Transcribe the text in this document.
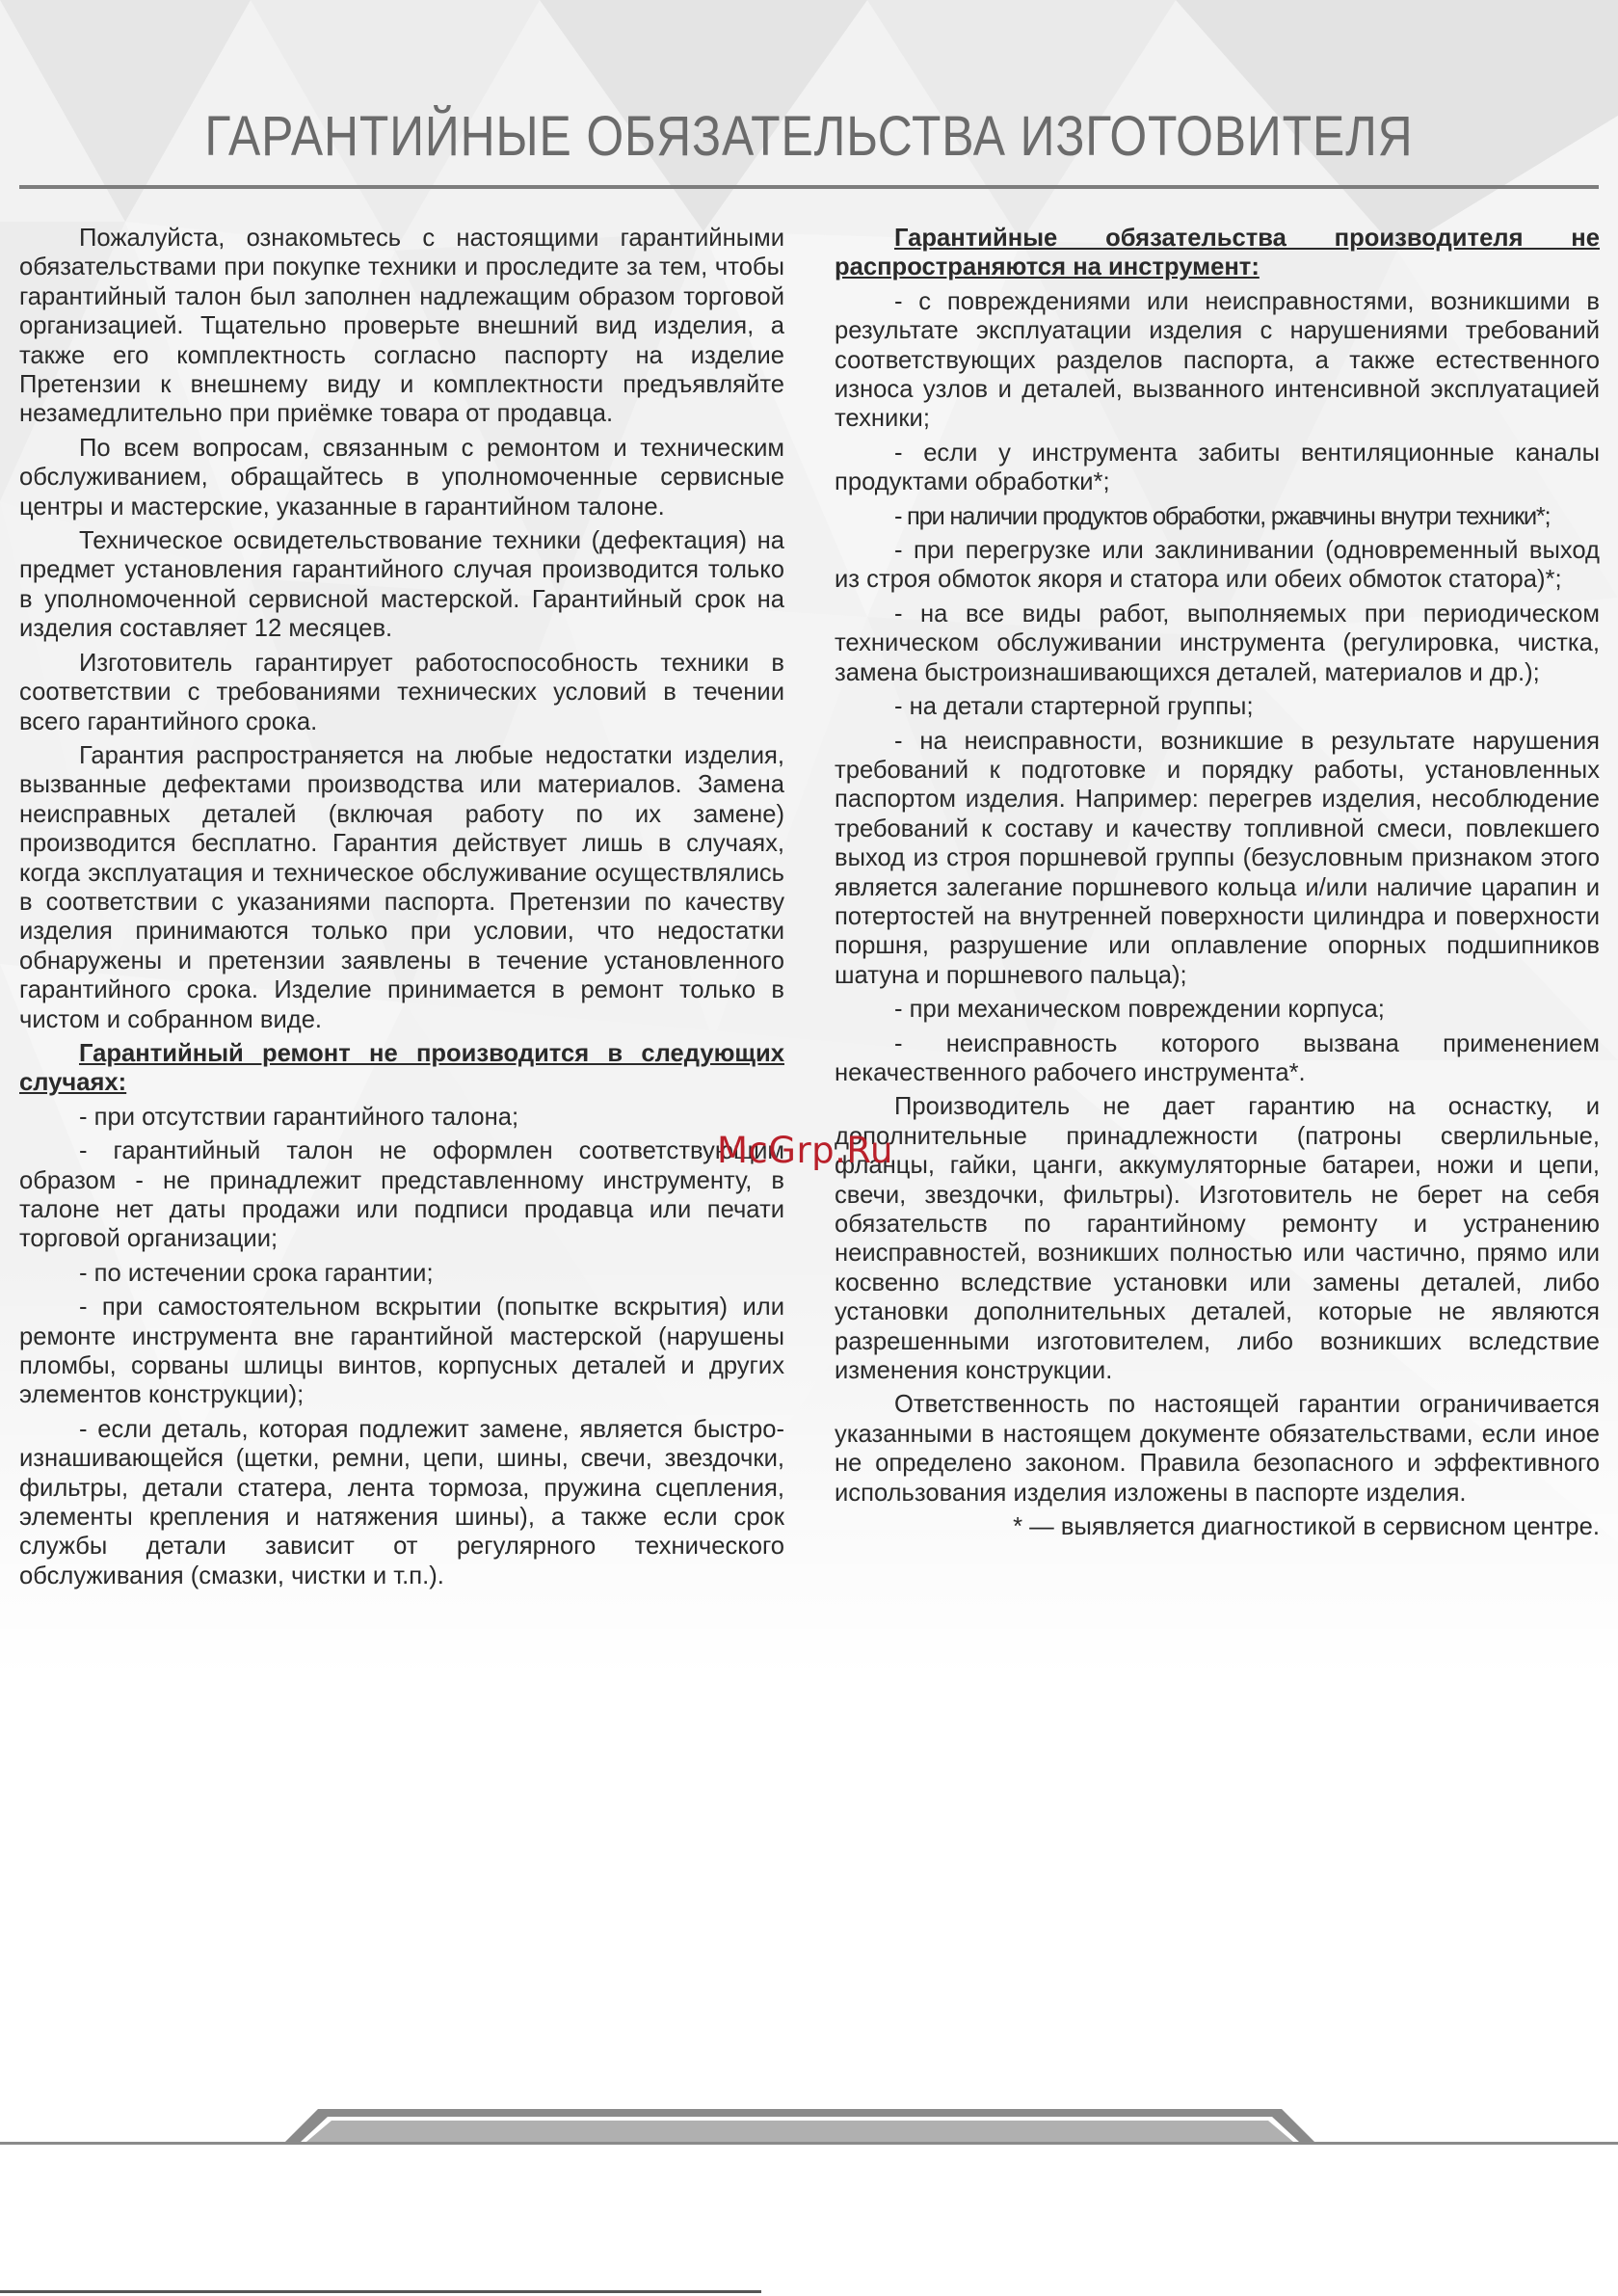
ГАРАНТИЙНЫЕ ОБЯЗАТЕЛЬСТВА ИЗГОТОВИТЕЛЯ

Пожалуйста, ознакомьтесь с настоящими гарантийными обязательствами при покупке техники и проследите за тем, чтобы гарантийный талон был заполнен надлежащим образом торговой организацией. Тщательно проверьте внешний вид изделия, а также его комплектность согласно паспорту на изделие Претензии к внешнему виду и комплектности предъявляйте незамедлительно при приёмке товара от продавца.

По всем вопросам, связанным с ремонтом и техническим обслуживанием, обращайтесь в уполномоченные сервисные центры и мастерские, указанные в гарантийном талоне.

Техническое освидетельствование техники (дефектация) на предмет установления гарантийного случая производится только в уполномоченной сервисной мастерской. Гарантийный срок на изделия составляет 12 месяцев.

Изготовитель гарантирует работоспособность техники в соответствии с требованиями технических условий в течении всего гарантийного срока.

Гарантия распространяется на любые недостатки изделия, вызванные дефектами производства или материалов. Замена неисправных деталей (включая работу по их замене) производится бесплатно. Гарантия действует лишь в случаях, когда эксплуатация и техническое обслуживание осуществлялись в соответствии с указаниями паспорта. Претензии по качеству изделия принимаются только при условии, что недостатки обнаружены и претензии заявлены в течение установленного гарантийного срока. Изделие принимается в ремонт только в чистом и собранном виде.

Гарантийный ремонт не производится в следующих случаях:

- при отсутствии гарантийного талона;

- гарантийный талон не оформлен соответствующим образом - не принадлежит представленному инструменту, в талоне нет даты продажи или подписи продавца или печати торговой организации;

- по истечении срока гарантии;

- при самостоятельном вскрытии (попытке вскрытия) или ремонте инструмента вне гарантийной мастерской (нарушены пломбы, сорваны шлицы винтов, корпусных деталей и других элементов конструкции);

- если деталь, которая подлежит замене, является быстро-изнашивающейся (щетки, ремни, цепи, шины, свечи, звездочки, фильтры, детали статера, лента тормоза, пружина сцепления, элементы крепления и натяжения шины), а также если срок службы детали зависит от регулярного технического обслуживания (смазки, чистки и т.п.).

Гарантийные обязательства производителя не распространяются на инструмент:

- с повреждениями или неисправностями, возникшими в результате эксплуатации изделия с нарушениями требований соответствующих разделов паспорта, а также естественного износа узлов и деталей, вызванного интенсивной эксплуатацией техники;

- если у инструмента забиты вентиляционные каналы продуктами обработки*;

- при наличии продуктов обработки, ржавчины внутри техники*;

- при перегрузке или заклинивании (одновременный выход из строя обмоток якоря и статора или обеих обмоток статора)*;

- на все виды работ, выполняемых при периодическом техническом обслуживании инструмента (регулировка, чистка, замена быстроизнашивающихся деталей, материалов и др.);

- на детали стартерной группы;

- на неисправности, возникшие в результате нарушения требований к подготовке и порядку работы, установленных паспортом изделия. Например: перегрев изделия, несоблюдение требований к составу и качеству топливной смеси, повлекшего выход из строя поршневой группы (безусловным признаком этого является залегание поршневого кольца и/или наличие царапин и потертостей на внутренней поверхности цилиндра и поверхности поршня, разрушение или оплавление опорных подшипников шатуна и поршневого пальца);

- при механическом повреждении корпуса;

- неисправность которого вызвана применением некачественного рабочего инструмента*.

Производитель не дает гарантию на оснастку, и дополнительные принадлежности (патроны сверлильные, фланцы, гайки, цанги, аккумуляторные батареи, ножи и цепи, свечи, звездочки, фильтры). Изготовитель не берет на себя обязательств по гарантийному ремонту и устранению неисправностей, возникших полностью или частично, прямо или косвенно вследствие установки или замены деталей, либо установки дополнительных деталей, которые не являются разрешенными изготовителем, либо возникших вследствие изменения конструкции.

Ответственность по настоящей гарантии ограничивается указанными в настоящем документе обязательствами, если иное не определено законом. Правила безопасного и эффективного использования изделия изложены в паспорте изделия.

* — выявляется диагностикой в сервисном центре.

McGrp.Ru
